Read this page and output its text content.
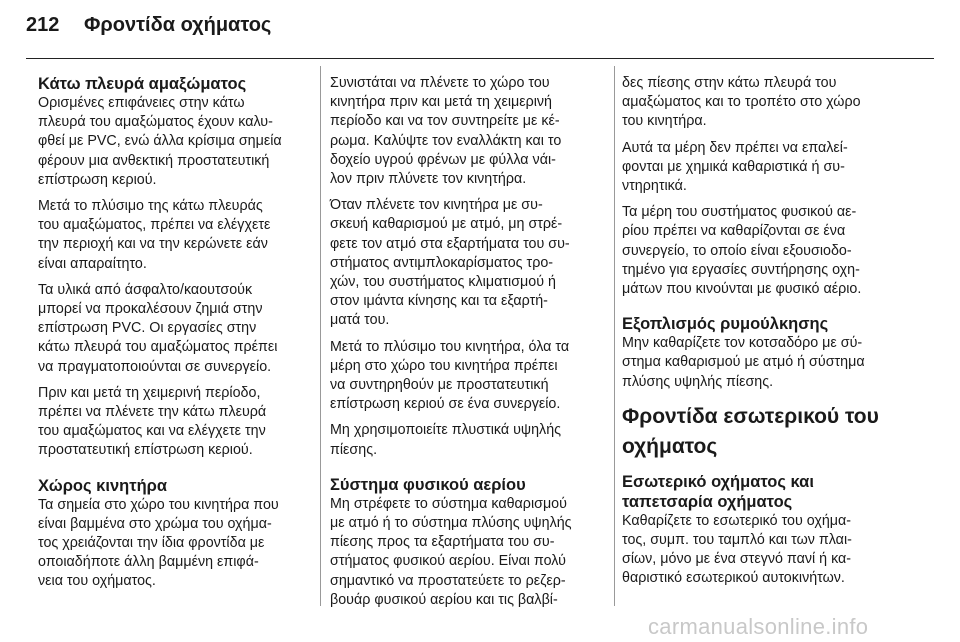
212	Φροντίδα οχήματος
Κάτω πλευρά αμαξώματος

Ορισμένες επιφάνειες στην κάτω
πλευρά του αμαξώματος έχουν καλυ-
φθεί με PVC, ενώ άλλα κρίσιμα σημεία
φέρουν μια ανθεκτική προστατευτική
επίστρωση κεριού.

Μετά το πλύσιμο της κάτω πλευράς
του αμαξώματος, πρέπει να ελέγχετε
την περιοχή και να την κερώνετε εάν
είναι απαραίτητο.

Τα υλικά από άσφαλτο/καουτσούκ
μπορεί να προκαλέσουν ζημιά στην
επίστρωση PVC. Οι εργασίες στην
κάτω πλευρά του αμαξώματος πρέπει
να πραγματοποιούνται σε συνεργείο.

Πριν και μετά τη χειμερινή περίοδο,
πρέπει να πλένετε την κάτω πλευρά
του αμαξώματος και να ελέγχετε την
προστατευτική επίστρωση κεριού.

Χώρος κινητήρα

Τα σημεία στο χώρο του κινητήρα που
είναι βαμμένα στο χρώμα του οχήμα-
τος χρειάζονται την ίδια φροντίδα με
οποιαδήποτε άλλη βαμμένη επιφά-
νεια του οχήματος.

Συνιστάται να πλένετε το χώρο του
κινητήρα πριν και μετά τη χειμερινή
περίοδο και να τον συντηρείτε με κέ-
ρωμα. Καλύψτε τον εναλλάκτη και το
δοχείο υγρού φρένων με φύλλα νάι-
λον πριν πλύνετε τον κινητήρα.

Όταν πλένετε τον κινητήρα με συ-
σκευή καθαρισμού με ατμό, μη στρέ-
φετε τον ατμό στα εξαρτήματα του συ-
στήματος αντιμπλοκαρίσματος τρο-
χών, του συστήματος κλιματισμού ή
στον ιμάντα κίνησης και τα εξαρτή-
ματά του.

Μετά το πλύσιμο του κινητήρα, όλα τα
μέρη στο χώρο του κινητήρα πρέπει
να συντηρηθούν με προστατευτική
επίστρωση κεριού σε ένα συνεργείο.

Μη χρησιμοποιείτε πλυστικά υψηλής
πίεσης.

Σύστημα φυσικού αερίου

Μη στρέφετε το σύστημα καθαρισμού
με ατμό ή το σύστημα πλύσης υψηλής
πίεσης προς τα εξαρτήματα του συ-
στήματος φυσικού αερίου. Είναι πολύ
σημαντικό να προστατεύετε το ρεζερ-
βουάρ φυσικού αερίου και τις βαλβί-

δες πίεσης στην κάτω πλευρά του
αμαξώματος και το τροπέτο στο χώρο
του κινητήρα.

Αυτά τα μέρη δεν πρέπει να επαλεί-
φονται με χημικά καθαριστικά ή συ-
ντηρητικά.

Τα μέρη του συστήματος φυσικού αε-
ρίου πρέπει να καθαρίζονται σε ένα
συνεργείο, το οποίο είναι εξουσιοδο-
τημένο για εργασίες συντήρησης οχη-
μάτων που κινούνται με φυσικό αέριο.

Εξοπλισμός ρυμούλκησης

Μην καθαρίζετε τον κοτσαδόρο με σύ-
στημα καθαρισμού με ατμό ή σύστημα
πλύσης υψηλής πίεσης.

Φροντίδα εσωτερικού του
οχήματος
Εσωτερικό οχήματος και
ταπετσαρία οχήματος

Καθαρίζετε το εσωτερικό του οχήμα-
τος, συμπ. του ταμπλό και των πλαι-
σίων, μόνο με ένα στεγνό πανί ή κα-
θαριστικό εσωτερικού αυτοκινήτων.

carmanualsonline.info
